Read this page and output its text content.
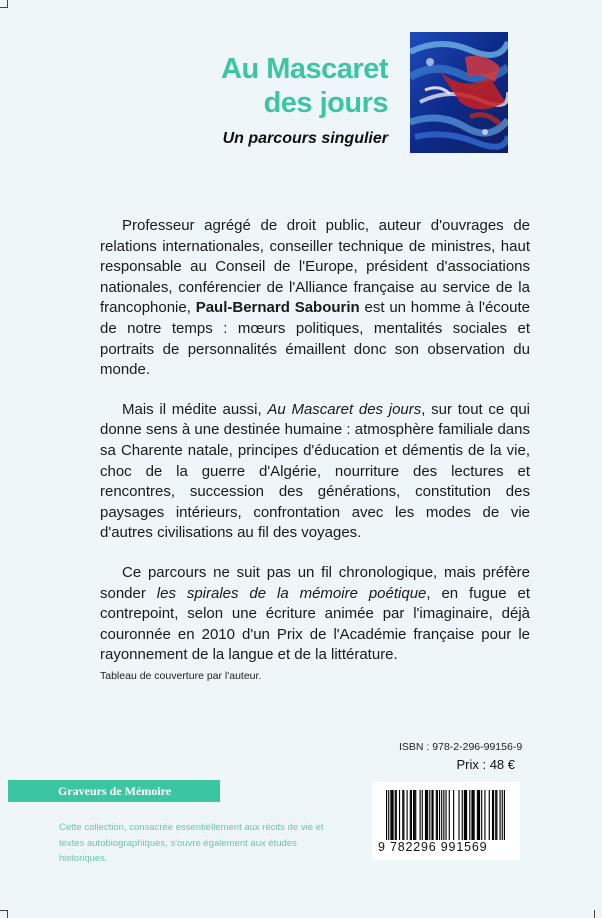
Au Mascaret
des jours
Un parcours singulier

Professeur agrégé de droit public, auteur d'ouvrages de relations internationales, conseiller technique de ministres, haut responsable au Conseil de l'Europe, président d'associations nationales, conférencier de l'Alliance française au service de la francophonie, Paul-Bernard Sabourin est un homme à l'écoute de notre temps : mœurs politiques, mentalités sociales et portraits de personnalités émaillent donc son observation du monde.

Mais il médite aussi, Au Mascaret des jours, sur tout ce qui donne sens à une destinée humaine : atmosphère familiale dans sa Charente natale, principes d'éducation et démentis de la vie, choc de la guerre d'Algérie, nourriture des lectures et rencontres, succession des générations, constitution des paysages intérieurs, confrontation avec les modes de vie d'autres civilisations au fil des voyages.

Ce parcours ne suit pas un fil chronologique, mais préfère sonder les spirales de la mémoire poétique, en fugue et contrepoint, selon une écriture animée par l'imaginaire, déjà couronnée en 2010 d'un Prix de l'Académie française pour le rayonnement de la langue et de la littérature.

Tableau de couverture par l'auteur.
ISBN : 978-2-296-99156-9
Prix : 48 €
Graveurs de Mémoire
Cette collection, consacrée essentiellement aux récits de vie et textes autobiographiques, s'ouvre également aux études historiques.
9 782296 991569
